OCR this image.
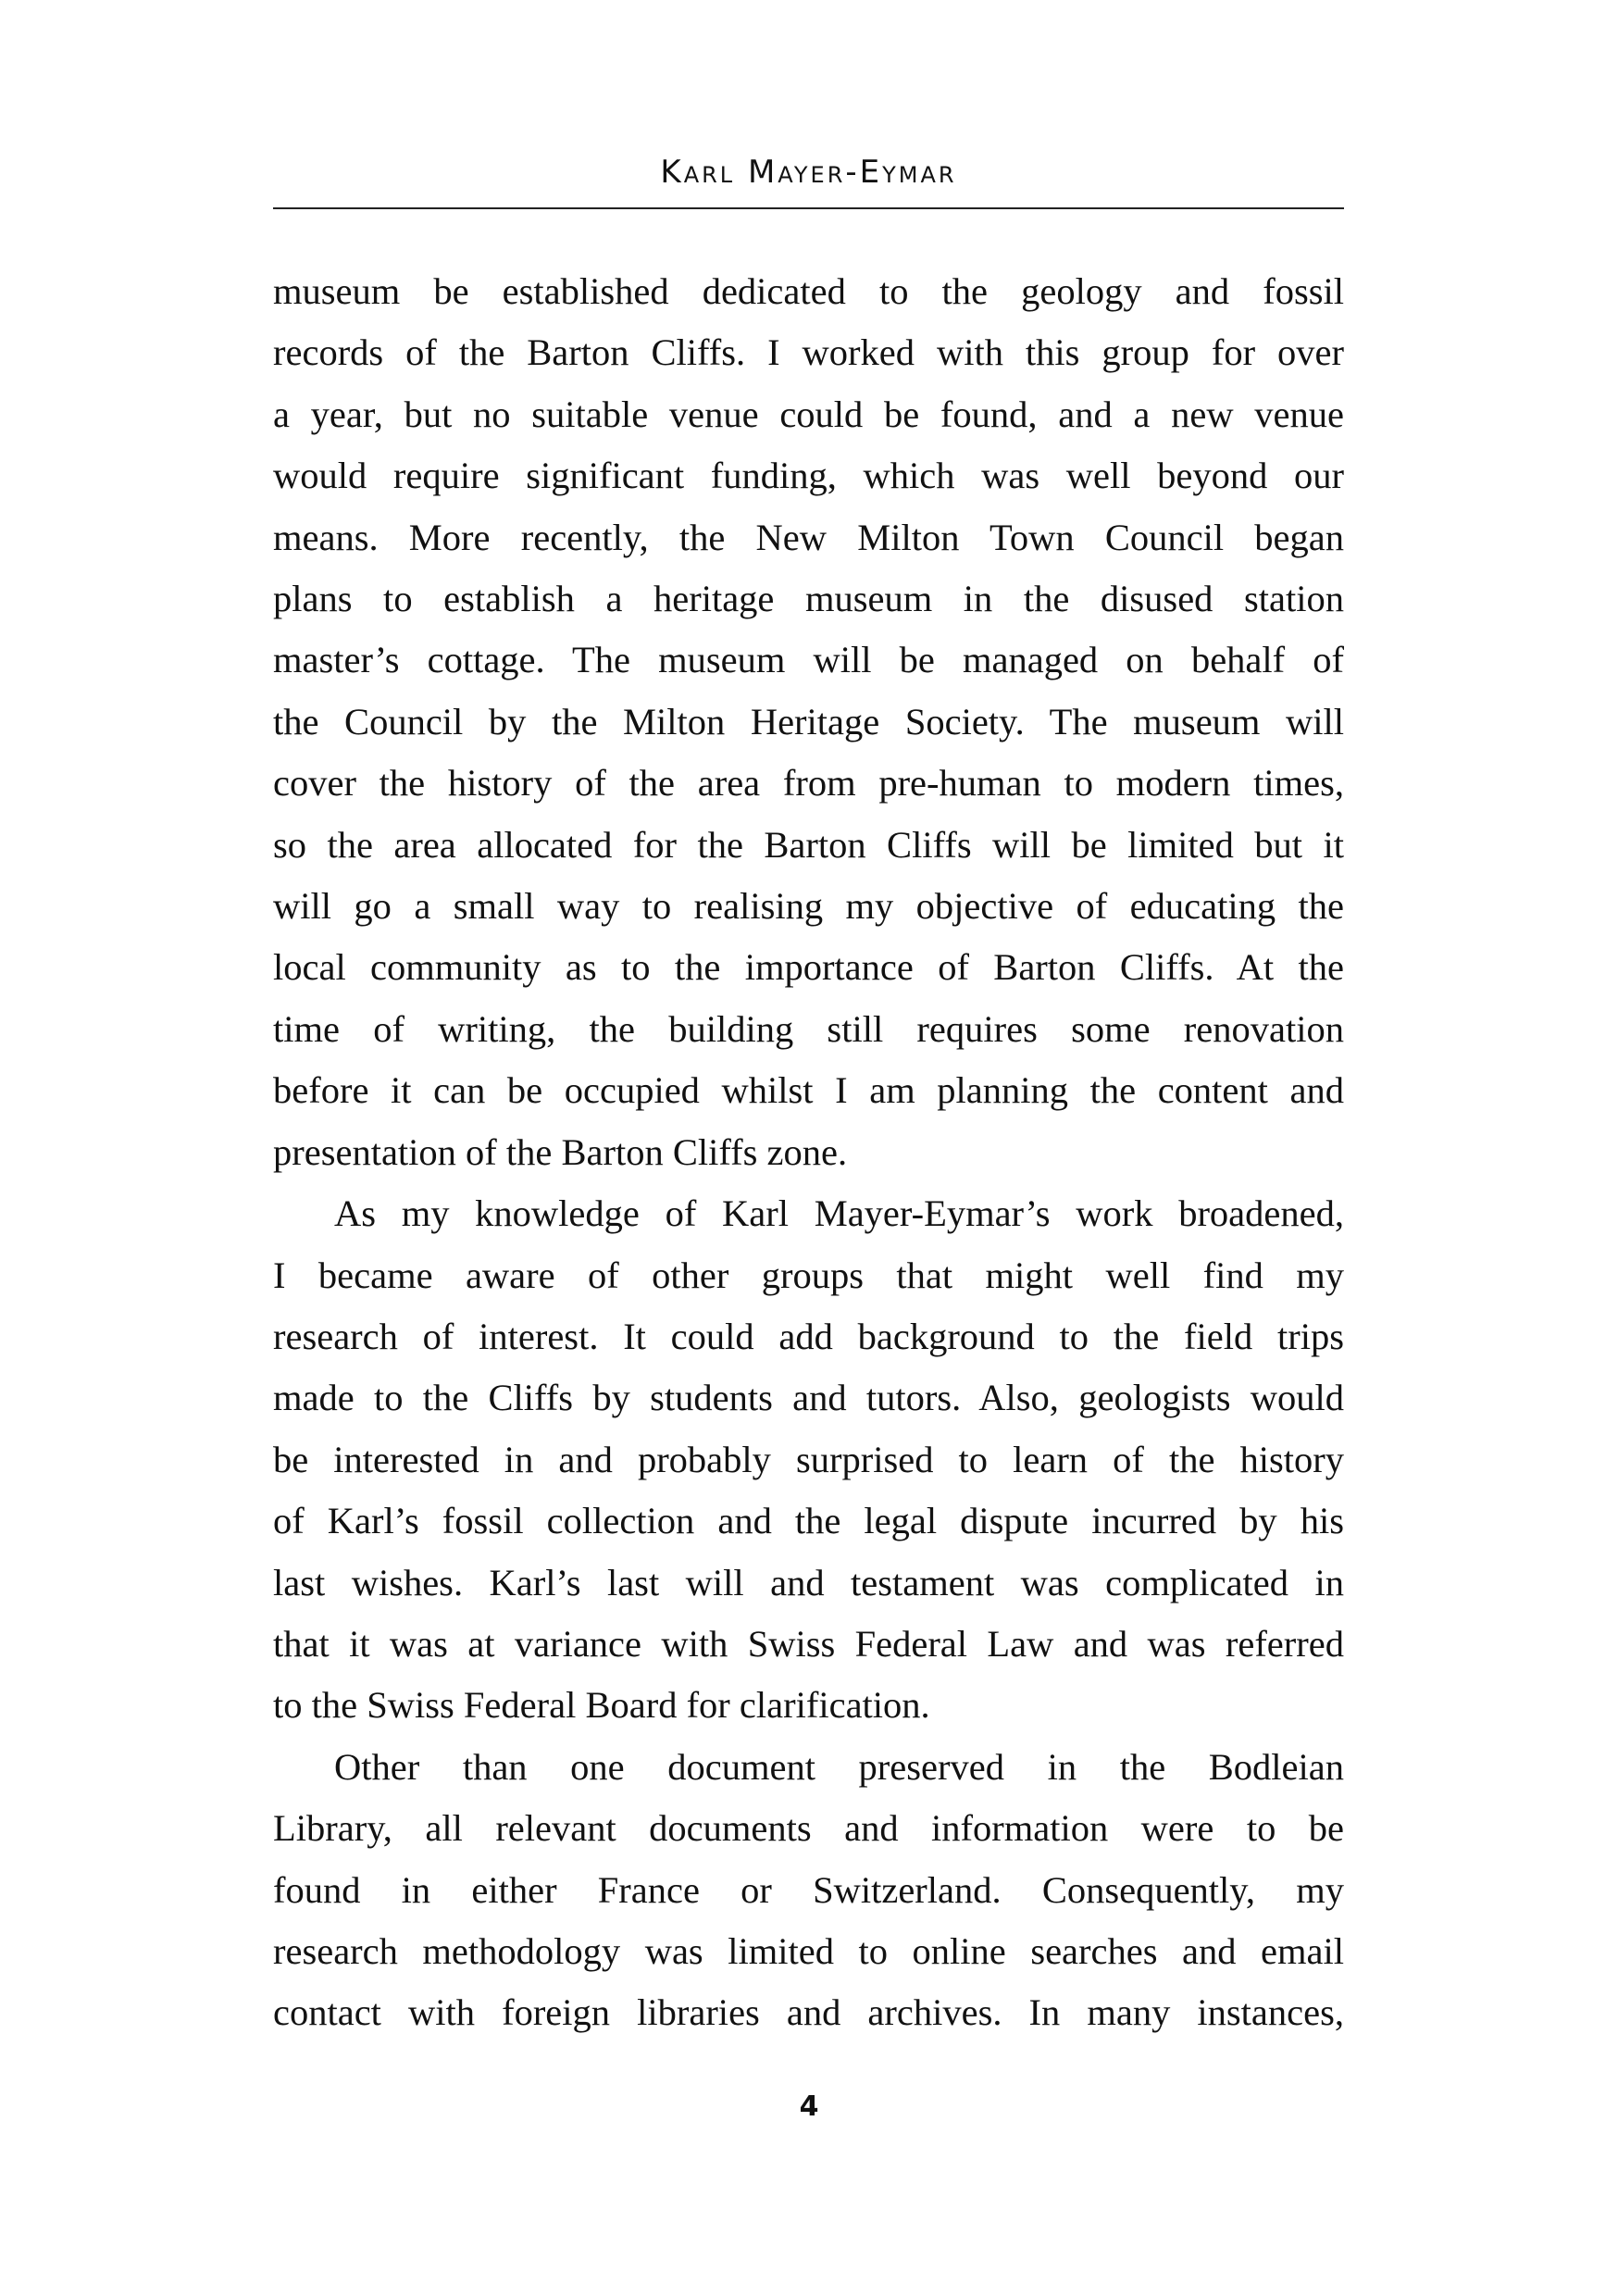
Karl Mayer-Eymar

museum be established dedicated to the geology and fossil
records of the Barton Cliffs. I worked with this group for over
a year, but no suitable venue could be found, and a new venue
would require significant funding, which was well beyond our
means. More recently, the New Milton Town Council began
plans to establish a heritage museum in the disused station
master’s cottage. The museum will be managed on behalf of
the Council by the Milton Heritage Society. The museum will
cover the history of the area from pre-human to modern times,
so the area allocated for the Barton Cliffs will be limited but it
will go a small way to realising my objective of educating the
local community as to the importance of Barton Cliffs. At the
time of writing, the building still requires some renovation
before it can be occupied whilst I am planning the content and
presentation of the Barton Cliffs zone.

As my knowledge of Karl Mayer-Eymar’s work broadened,
I became aware of other groups that might well find my
research of interest. It could add background to the field trips
made to the Cliffs by students and tutors. Also, geologists would
be interested in and probably surprised to learn of the history
of Karl’s fossil collection and the legal dispute incurred by his
last wishes. Karl’s last will and testament was complicated in
that it was at variance with Swiss Federal Law and was referred
to the Swiss Federal Board for clarification.

Other than one document preserved in the Bodleian
Library, all relevant documents and information were to be
found in either France or Switzerland. Consequently, my
research methodology was limited to online searches and email
contact with foreign libraries and archives. In many instances,

4
